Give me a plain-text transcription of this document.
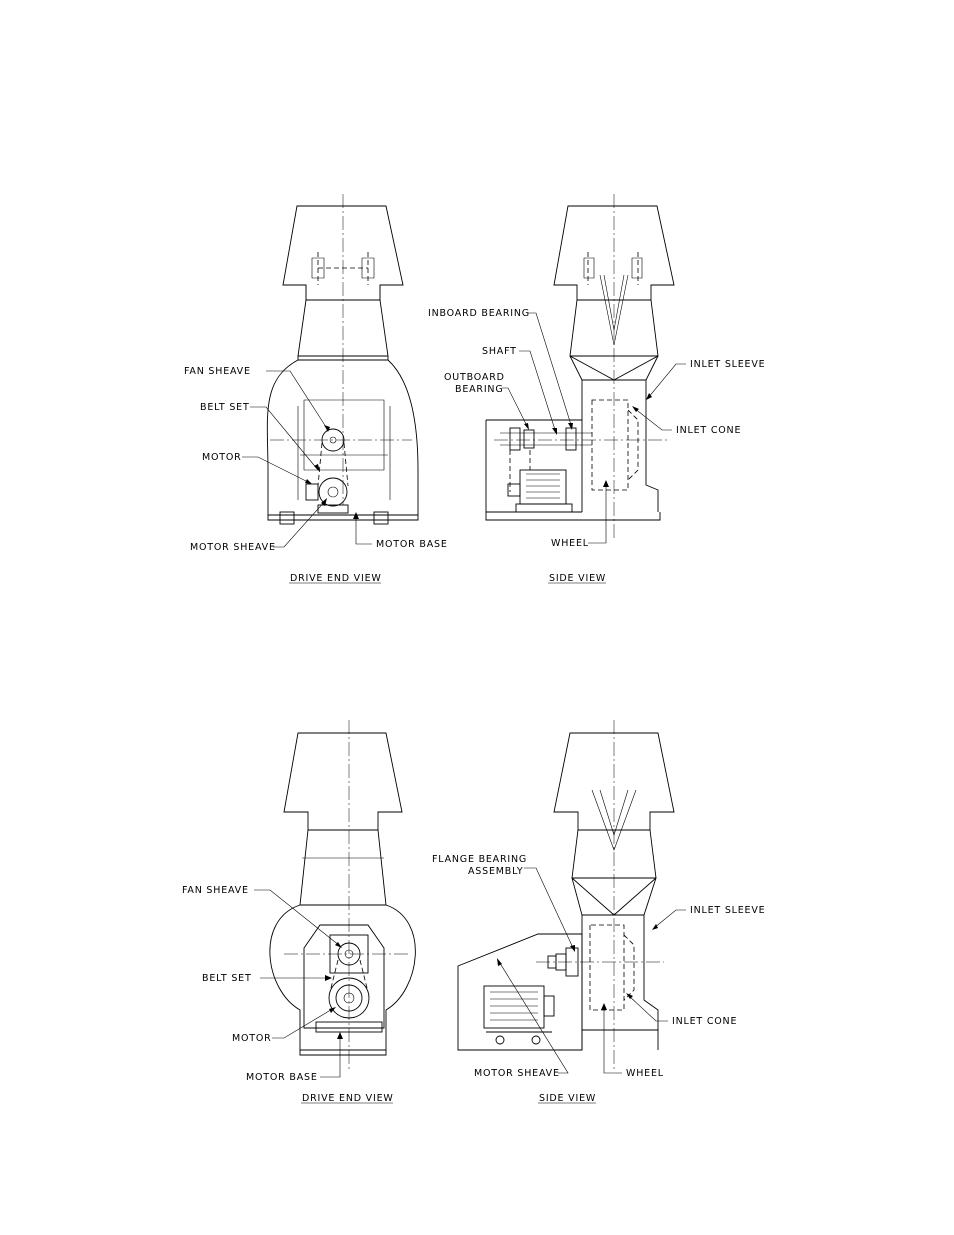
FAN SHEAVE
BELT SET
MOTOR
MOTOR SHEAVE	MOTOR BASE
DRIVE END VIEW
INBOARD BEARING
SHAFT
OUTBOARD
BEARING
INLET SLEEVE
INLET CONE
WHEEL
SIDE VIEW
FAN SHEAVE
BELT SET
MOTOR
MOTOR BASE
DRIVE END VIEW
FLANGE BEARING
ASSEMBLY
INLET SLEEVE
INLET CONE
MOTOR SHEAVE	WHEEL
SIDE VIEW
